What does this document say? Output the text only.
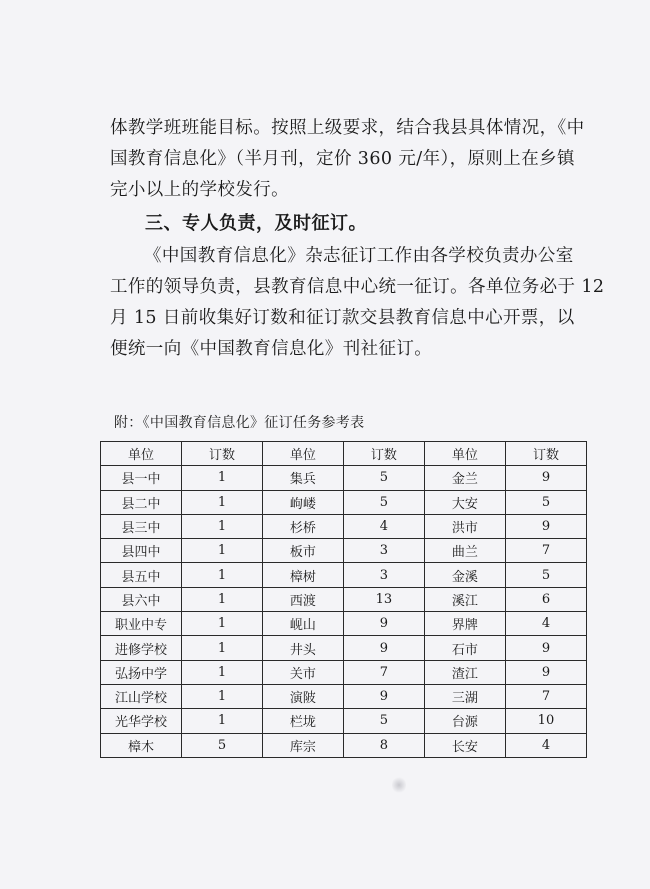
体教学班班能目标。按照上级要求，结合我县具体情况，《中
国教育信息化》（半月刊，定价 360 元/年），原则上在乡镇
完小以上的学校发行。

三、专人负责，及时征订。

《中国教育信息化》杂志征订工作由各学校负责办公室
工作的领导负责，县教育信息中心统一征订。各单位务必于 12
月 15 日前收集好订数和征订款交县教育信息中心开票，以
便统一向《中国教育信息化》刊社征订。

附：《中国教育信息化》征订任务参考表

单位	订数	单位	订数	单位	订数
县一中	1	集兵	5	金兰	9
县二中	1	岣嵝	5	大安	5
县三中	1	杉桥	4	洪市	9
县四中	1	板市	3	曲兰	7
县五中	1	樟树	3	金溪	5
县六中	1	西渡	13	溪江	6
职业中专	1	岘山	9	界牌	4
进修学校	1	井头	9	石市	9
弘扬中学	1	关市	7	渣江	9
江山学校	1	演陂	9	三湖	7
光华学校	1	栏垅	5	台源	10
樟木	5	库宗	8	长安	4
